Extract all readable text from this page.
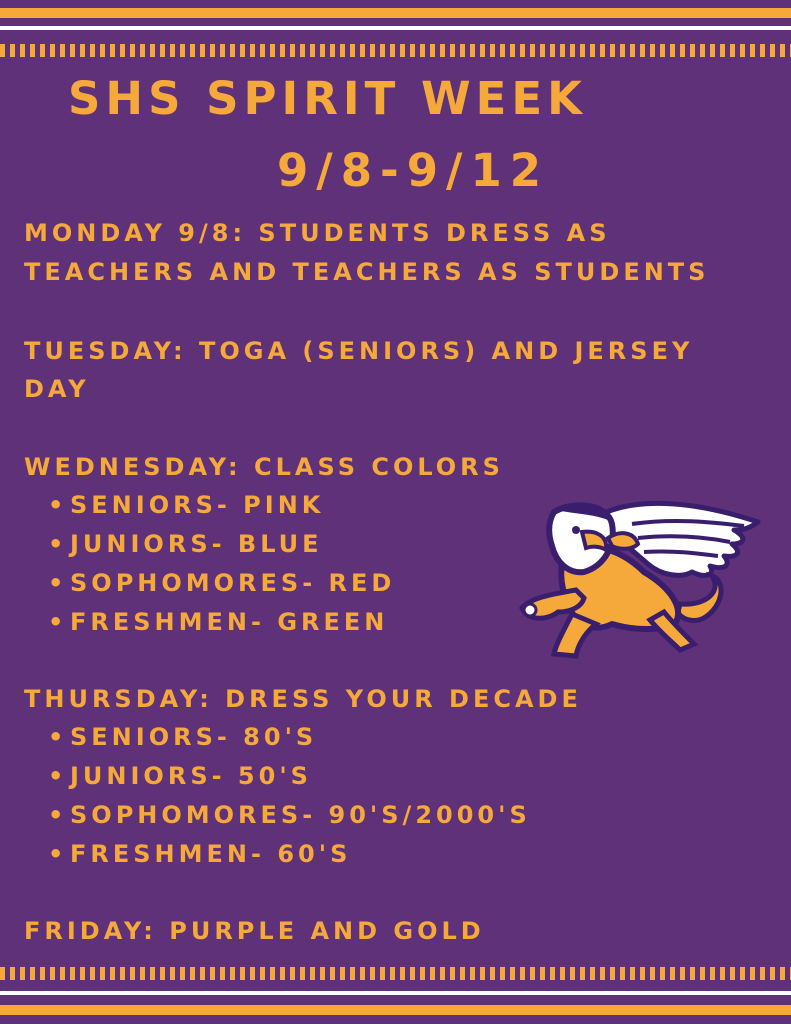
SHS SPIRIT WEEK
9/8-9/12

MONDAY 9/8: STUDENTS DRESS AS

TEACHERS AND TEACHERS AS STUDENTS

TUESDAY: TOGA (SENIORS) AND JERSEY

DAY

WEDNESDAY: CLASS COLORS

• SENIORS- PINK

• JUNIORS- BLUE

• SOPHOMORES- RED

• FRESHMEN- GREEN

THURSDAY: DRESS YOUR DECADE

• SENIORS- 80'S

• JUNIORS- 50'S

• SOPHOMORES- 90'S/2000'S

• FRESHMEN- 60'S

FRIDAY: PURPLE AND GOLD
